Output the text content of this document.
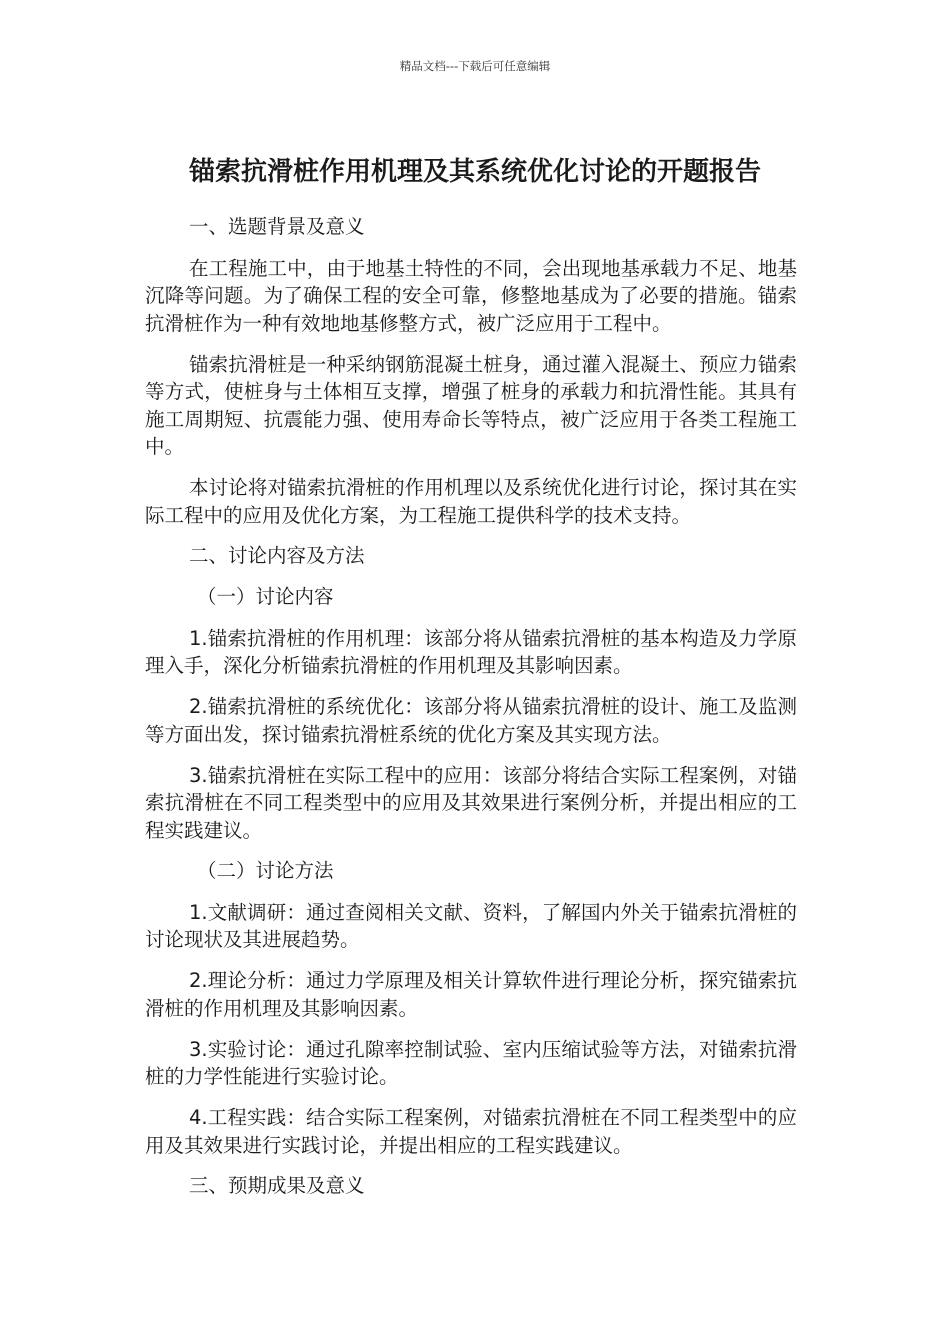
精品文档---下载后可任意编辑
锚索抗滑桩作用机理及其系统优化讨论的开题报告

一、选题背景及意义

在工程施工中，由于地基土特性的不同，会出现地基承载力不足、地基沉降等问题。为了确保工程的安全可靠，修整地基成为了必要的措施。锚索抗滑桩作为一种有效地地基修整方式，被广泛应用于工程中。

锚索抗滑桩是一种采纳钢筋混凝土桩身，通过灌入混凝土、预应力锚索等方式，使桩身与土体相互支撑，增强了桩身的承载力和抗滑性能。其具有施工周期短、抗震能力强、使用寿命长等特点，被广泛应用于各类工程施工中。

本讨论将对锚索抗滑桩的作用机理以及系统优化进行讨论，探讨其在实际工程中的应用及优化方案，为工程施工提供科学的技术支持。

二、讨论内容及方法

（一）讨论内容

1.锚索抗滑桩的作用机理：该部分将从锚索抗滑桩的基本构造及力学原理入手，深化分析锚索抗滑桩的作用机理及其影响因素。

2.锚索抗滑桩的系统优化：该部分将从锚索抗滑桩的设计、施工及监测等方面出发，探讨锚索抗滑桩系统的优化方案及其实现方法。

3.锚索抗滑桩在实际工程中的应用：该部分将结合实际工程案例，对锚索抗滑桩在不同工程类型中的应用及其效果进行案例分析，并提出相应的工程实践建议。

（二）讨论方法

1.文献调研：通过查阅相关文献、资料，了解国内外关于锚索抗滑桩的讨论现状及其进展趋势。

2.理论分析：通过力学原理及相关计算软件进行理论分析，探究锚索抗滑桩的作用机理及其影响因素。

3.实验讨论：通过孔隙率控制试验、室内压缩试验等方法，对锚索抗滑桩的力学性能进行实验讨论。

4.工程实践：结合实际工程案例，对锚索抗滑桩在不同工程类型中的应用及其效果进行实践讨论，并提出相应的工程实践建议。

三、预期成果及意义
